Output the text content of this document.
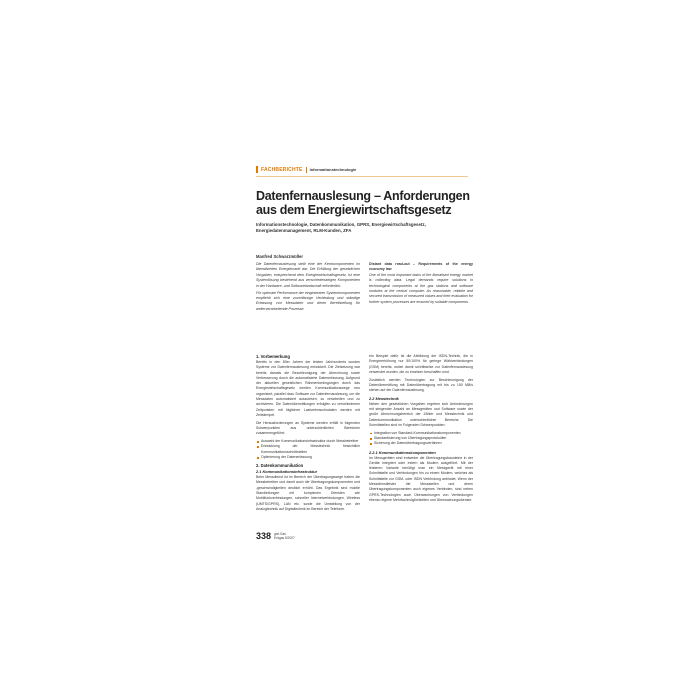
FACHBERICHTE Informationstechnologie
Datenfernauslesung – Anforderungen aus dem Energiewirtschaftsgesetz
Informationstechnologie, Datenkommunikation, GPRS, Energiewirtschaftsgesetz, Energiedatenmanagement, RLM-Kunden, ZFA
Manfred Schwarzmüller

Die Datenfernauslesung stellt eine der Kernkomponenten im liberalisierten Energiemarkt dar. Die Erfüllung der gesetzlichen Vorgaben, entsprechend dem Energiewirtschaftsgesetz, ist eine Systemlösung bestehend aus verschiedenartigen Komponenten in der Hardware- und Softwarelandschaft erforderlich.

Für optimale Performance der eingesetzten Systemkomponenten empfiehlt sich eine zuverlässige Verbindung und ständige Erfassung von Messdaten und deren Bereitstellung für weiterverarbeitende Prozesse.

Distant data read-out – Requirements of the energy economy law
One of the most important tasks of the liberalised energy market is collecting data. Legal demands require solutions in technological components at the gas stations and software modules at the central computer. As reasonable, reliable and secured transmission of measured values and their evaluation for further system processes are ensured by suitable components.
1. Vorbemerkung

Bereits in den 80er Jahren der letzten Jahrhunderts wurden Systeme zur Datenfernauslesung entwickelt. Die Zielsetzung war bereits damals die Beschleunigung der Abrechnung sowie Verbesserung durch die automatisierte Datenerfassung. Aufgrund der aktuellen gesetzlichen Rahmenbedingungen durch das Energiewirtschaftsgesetz werden Kommunikationswege neu organisiert, parallel dazu Software zur Datenfernauslesung, um die Messdaten automatisiert auszulesen, zu verarbeiten und zu archivieren. Die Datenübermittlungen erfolgten zu verschiedenen Zeitpunkten mit täglichen Lastverbrauchsdaten werden mit Zeitstempel.

Die Herausforderungen an Systeme werden erfüllt in folgenden Schwerpunkten aus unterschiedlichen Bereichen zusammengeführt:

Auswahl der Kommunikationsinfrastruktur durch Messbetreiber
Entwicklung der Messtechnik hinsichtlich Kommunikationsschnittstellen
Optimierung der Datenerfassung
2. Datenkommunikation
2.1 Kommunikationsinfrastruktur

Beim Messdienst ist im Bereich der Übertragungswege haben die Messbetreiber und damit auch die Übertragungskomponenten und -geschwindigkeiten deutlich erhöht. Das Ergebnis sind mobile Standleitungen mit komplexen Diensten wie Mobilfunkverbindungen, schneller Internetverbindungen, Wireless (UMTS/GPRS), LAN etc. sowie die Umstellung von der Analogtechnik auf Digitaltechnik im Bereich der Telefonie.

ein Beispiel dafür ist die Abbildung der ISDN-Technik, die in Energieerhöhung nur 50/100% für geringe Wählverbindungen (GSM) bereits, wobei damit schrittweise zur Datenfernauslesung verwendet wurden, die zu ersetzen beschaffen sind.

Zusätzlich werden Technologien zur Beschleunigung der Datenübermittlung mit Datenübertragung mit bis zu 150 MB/s stehen auf der Datenfernauslesung.

2.2 Messtechnik

Neben den gesetzlichen Vorgaben ergeben sich Anforderungen mit steigender Anzahl an Messgeräten und Software sowie der große Abrechnungsbereich der Zähler und Messtechnik und Datenkommunikation unterschiedlicher Bereiche. Die Schnittstellen sind im Folgenden Schwerpunkten:

Integration von Standard-Kommunikationskomponenten
Standardisierung von Übertragungsprotokollen
Sicherung der Datenübertragungsverfahren
2.2.1 Kommunikationskomponenten

Im Messgeräten sind entweder die Übertragungsbausteine in der Geräte integriert oder extern als Modem ausgeführt. Mit der letzteren Variante benötigt man ein Messgerät mit einer Schnittstelle und Verbindungen hin zu einem Modem, welches als Schnittstelle zur GSM- oder ISDN Verbindung anbindet. Wenn der Messdienstleister die Messstellen und deren Übertragungskomponenten auch eigenes Verbinden, sind neben GPRS-Technologien auch Überwachungen von Verbindungen ebenso eigene Mehrfachmöglichkeiten und Überwachungsdienste.

338 gwf-Gas
Erdgas 5/2007
